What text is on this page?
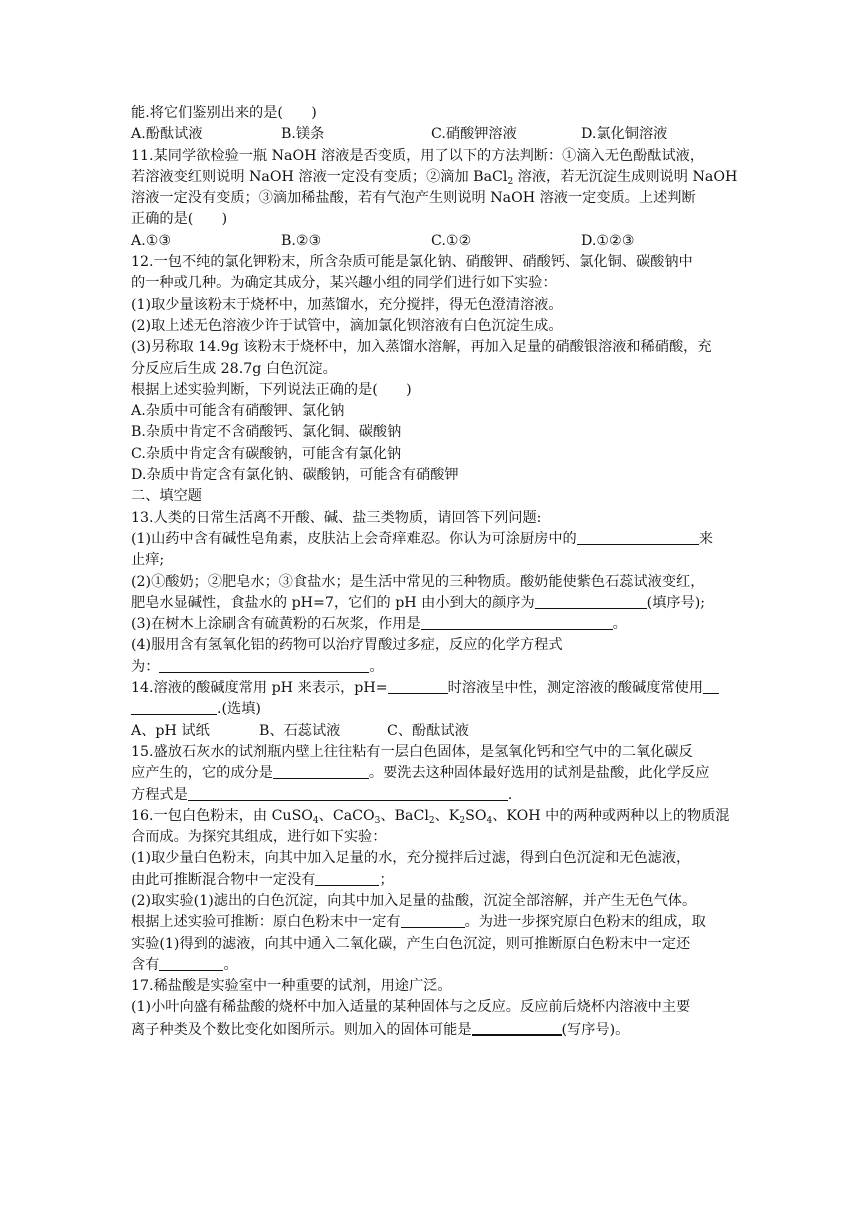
能.将它们鉴别出来的是(　　)
A.酚酞试液	B.镁条	C.硝酸钾溶液	D.氯化铜溶液
11.某同学欲检验一瓶 NaOH 溶液是否变质，用了以下的方法判断：①滴入无色酚酞试液，
若溶液变红则说明 NaOH 溶液一定没有变质；②滴加 BaCl$_2$ 溶液，若无沉淀生成则说明 NaOH
溶液一定没有变质；③滴加稀盐酸，若有气泡产生则说明 NaOH 溶液一定变质。上述判断
正确的是(　　)
A.①③	B.②③	C.①②	D.①②③
12.一包不纯的氯化钾粉末，所含杂质可能是氯化钠、硝酸钾、硝酸钙、氯化铜、碳酸钠中
的一种或几种。为确定其成分，某兴趣小组的同学们进行如下实验：
(1)取少量该粉末于烧杯中，加蒸馏水，充分搅拌，得无色澄清溶液。
(2)取上述无色溶液少许于试管中，滴加氯化钡溶液有白色沉淀生成。
(3)另称取 14.9g 该粉末于烧杯中，加入蒸馏水溶解，再加入足量的硝酸银溶液和稀硝酸，充
分反应后生成 28.7g 白色沉淀。
根据上述实验判断，下列说法正确的是(　　)
A.杂质中可能含有硝酸钾、氯化钠
B.杂质中肯定不含硝酸钙、氯化铜、碳酸钠
C.杂质中肯定含有碳酸钠，可能含有氯化钠
D.杂质中肯定含有氯化钠、碳酸钠，可能含有硝酸钾
二、填空题
13.人类的日常生活离不开酸、碱、盐三类物质，请回答下列问题:
(1)山药中含有碱性皂角素，皮肤沾上会奇痒难忍。你认为可涂厨房中的	来
止痒;
(2)①酸奶；②肥皂水；③食盐水；是生活中常见的三种物质。酸奶能使紫色石蕊试液变红，
肥皂水显碱性，食盐水的 pH=7，它们的 pH 由小到大的颜序为	(填序号);
(3)在树木上涂刷含有硫黄粉的石灰浆，作用是	。
(4)服用含有氢氧化铝的药物可以治疗胃酸过多症，反应的化学方程式
为：	。
14.溶液的酸碱度常用 pH 来表示，pH=	时溶液呈中性，测定溶液的酸碱度常使用
.(选填)
A、pH 试纸	B、石蕊试液	C、酚酞试液
15.盛放石灰水的试剂瓶内壁上往往粘有一层白色固体，是氢氧化钙和空气中的二氧化碳反
应产生的，它的成分是	。要洗去这种固体最好选用的试剂是盐酸，此化学反应
方程式是	.
16.一包白色粉末，由 CuSO$_4$、CaCO$_3$、BaCl$_2$、$K_2SO_4$、KOH 中的两种或两种以上的物质混
合而成。为探究其组成，进行如下实验：
(1)取少量白色粉末，向其中加入足量的水，充分搅拌后过滤，得到白色沉淀和无色滤液，
由此可推断混合物中一定没有	；
(2)取实验(1)滤出的白色沉淀，向其中加入足量的盐酸，沉淀全部溶解，并产生无色气体。
根据上述实验可推断：原白色粉末中一定有	。为进一步探究原白色粉末的组成，取
实验(1)得到的滤液，向其中通入二氧化碳，产生白色沉淀，则可推断原白色粉末中一定还
含有	。
17.稀盐酸是实验室中一种重要的试剂，用途广泛。
(1)小叶向盛有稀盐酸的烧杯中加入适量的某种固体与之反应。反应前后烧杯内溶液中主要
离子种类及个数比变化如图所示。则加入的固体可能是	(写序号)。
